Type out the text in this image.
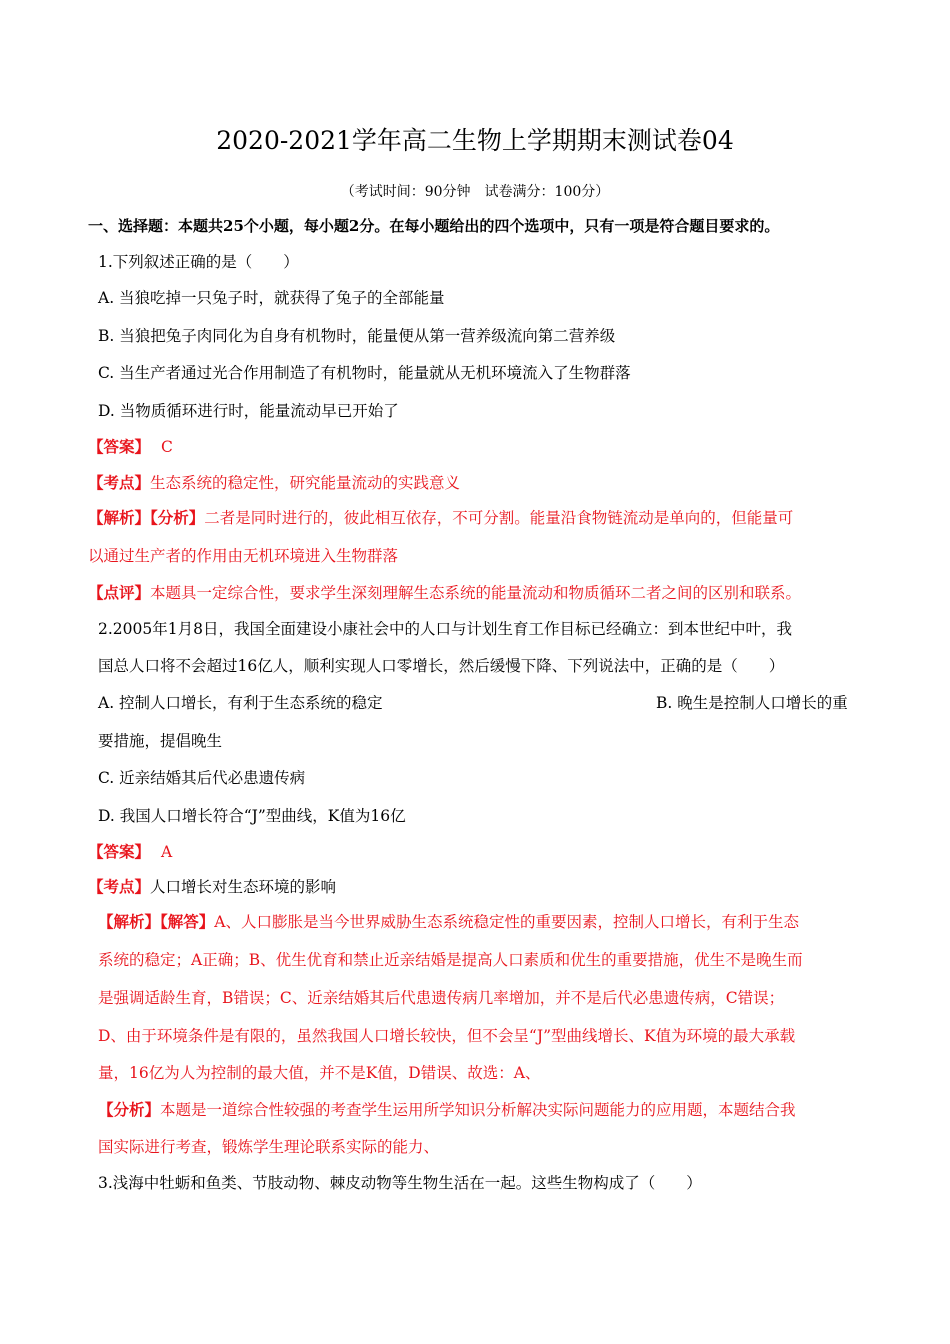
2020-2021学年高二生物上学期期末测试卷04
（考试时间：90分钟　试卷满分：100分）
一、选择题：本题共25个小题，每小题2分。在每小题给出的四个选项中，只有一项是符合题目要求的。
1.下列叙述正确的是（　　）
A. 当狼吃掉一只兔子时，就获得了兔子的全部能量
B. 当狼把兔子肉同化为自身有机物时，能量便从第一营养级流向第二营养级
C. 当生产者通过光合作用制造了有机物时，能量就从无机环境流入了生物群落
D. 当物质循环进行时，能量流动早已开始了
【答案】 C
【考点】生态系统的稳定性，研究能量流动的实践意义
【解析】【分析】二者是同时进行的，彼此相互依存，不可分割。能量沿食物链流动是单向的，但能量可
以通过生产者的作用由无机环境进入生物群落
【点评】本题具一定综合性，要求学生深刻理解生态系统的能量流动和物质循环二者之间的区别和联系。
2.2005年1月8日，我国全面建设小康社会中的人口与计划生育工作目标已经确立：到本世纪中叶，我
国总人口将不会超过16亿人，顺利实现人口零增长，然后缓慢下降、下列说法中，正确的是（　　）
A. 控制人口增长，有利于生态系统的稳定	B. 晚生是控制人口增长的重
要措施，提倡晚生
C. 近亲结婚其后代必患遗传病
D. 我国人口增长符合“J”型曲线，K值为16亿
【答案】 A
【考点】人口增长对生态环境的影响
【解析】【解答】A、人口膨胀是当今世界威胁生态系统稳定性的重要因素，控制人口增长，有利于生态
系统的稳定；A正确；B、优生优育和禁止近亲结婚是提高人口素质和优生的重要措施，优生不是晚生而
是强调适龄生育，B错误；C、近亲结婚其后代患遗传病几率增加，并不是后代必患遗传病，C错误；
D、由于环境条件是有限的，虽然我国人口增长较快，但不会呈“J”型曲线增长、K值为环境的最大承载
量，16亿为人为控制的最大值，并不是K值，D错误、故选：A、
【分析】本题是一道综合性较强的考查学生运用所学知识分析解决实际问题能力的应用题，本题结合我
国实际进行考查，锻炼学生理论联系实际的能力、
3.浅海中牡蛎和鱼类、节肢动物、棘皮动物等生物生活在一起。这些生物构成了（　　）
